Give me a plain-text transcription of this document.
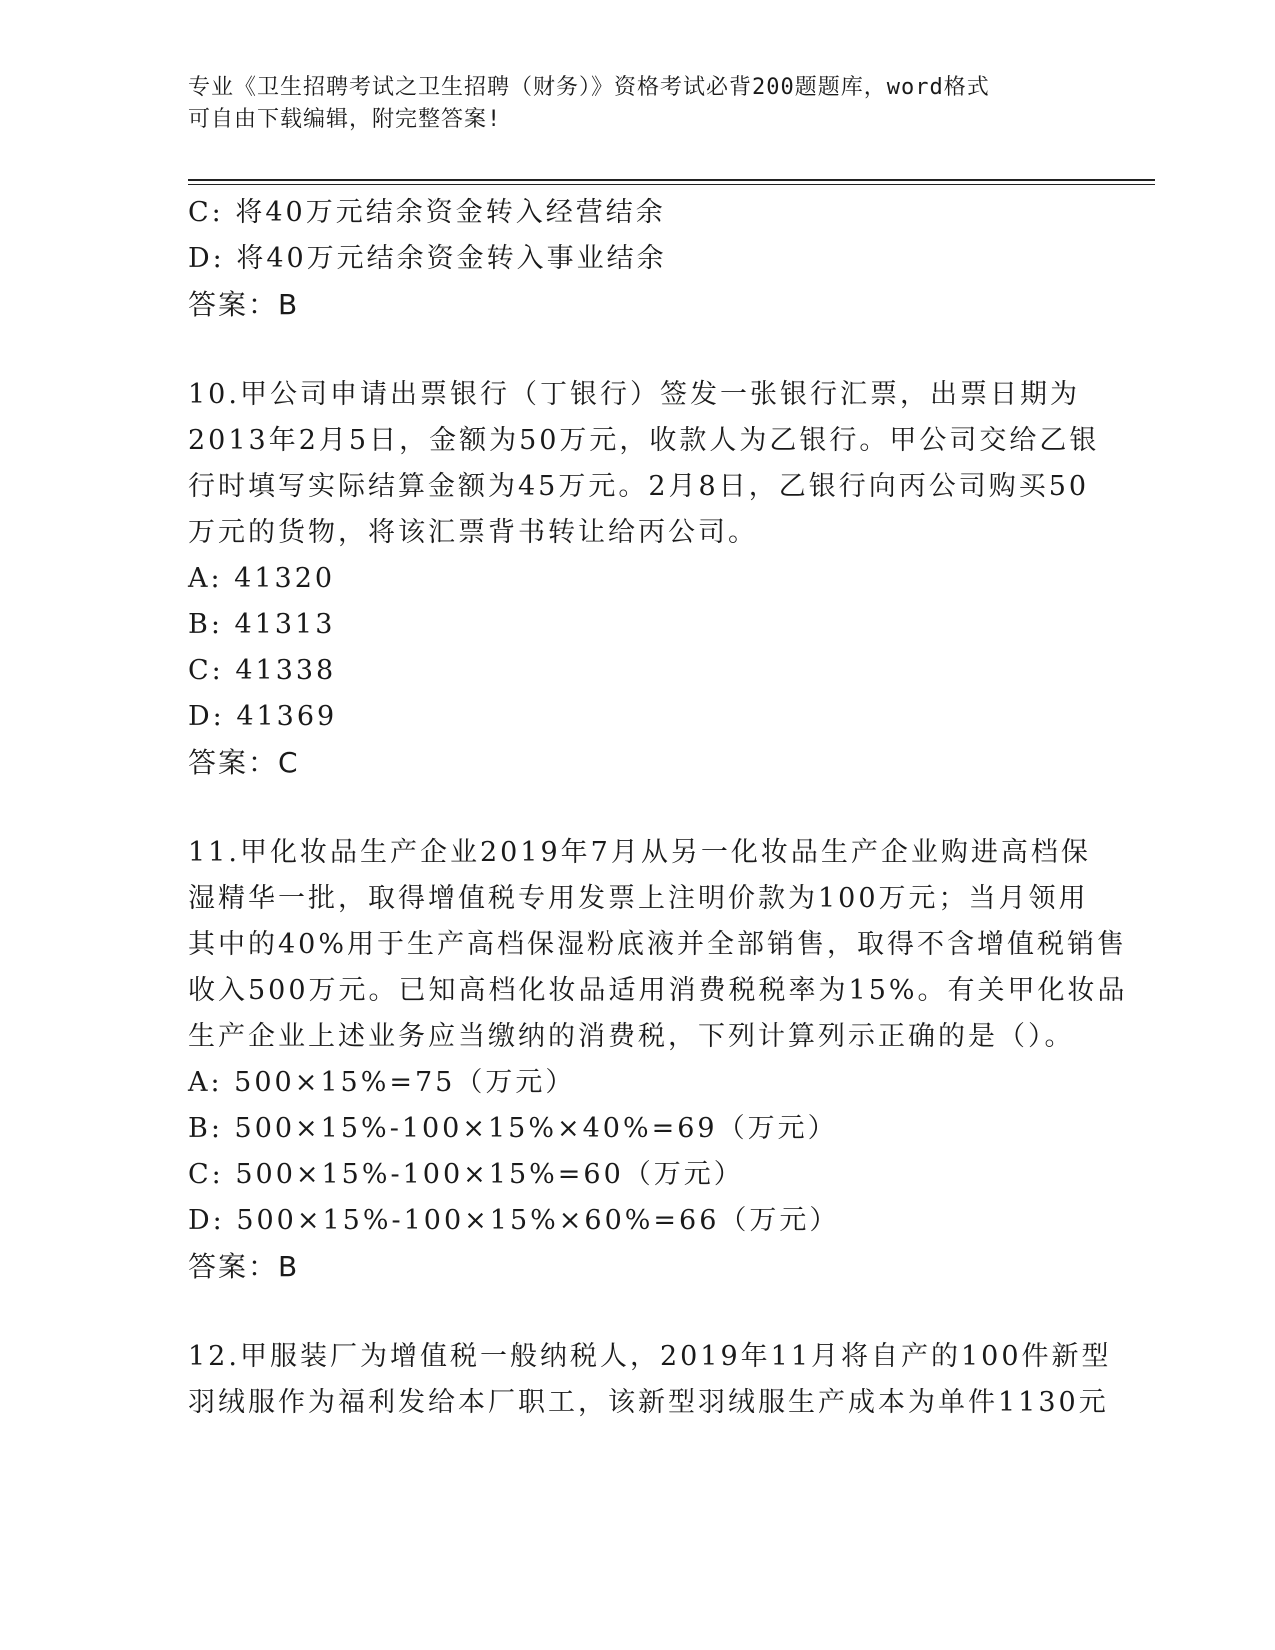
专业《卫生招聘考试之卫生招聘（财务）》资格考试必背200题题库，word格式
可自由下载编辑，附完整答案!
C: 将40万元结余资金转入经营结余
D: 将40万元结余资金转入事业结余
答案：B
10.甲公司申请出票银行（丁银行）签发一张银行汇票，出票日期为
2013年2月5日，金额为50万元，收款人为乙银行。甲公司交给乙银
行时填写实际结算金额为45万元。2月8日，乙银行向丙公司购买50
万元的货物，将该汇票背书转让给丙公司。
A: 41320
B: 41313
C: 41338
D: 41369
答案：C
11.甲化妆品生产企业2019年7月从另一化妆品生产企业购进高档保
湿精华一批，取得增值税专用发票上注明价款为100万元；当月领用
其中的40%用于生产高档保湿粉底液并全部销售，取得不含增值税销售
收入500万元。已知高档化妆品适用消费税税率为15%。有关甲化妆品
生产企业上述业务应当缴纳的消费税，下列计算列示正确的是（）。
A: 500×15%=75（万元）
B: 500×15%-100×15%×40%=69（万元）
C: 500×15%-100×15%=60（万元）
D: 500×15%-100×15%×60%=66（万元）
答案：B
12.甲服装厂为增值税一般纳税人，2019年11月将自产的100件新型
羽绒服作为福利发给本厂职工，该新型羽绒服生产成本为单件1130元
